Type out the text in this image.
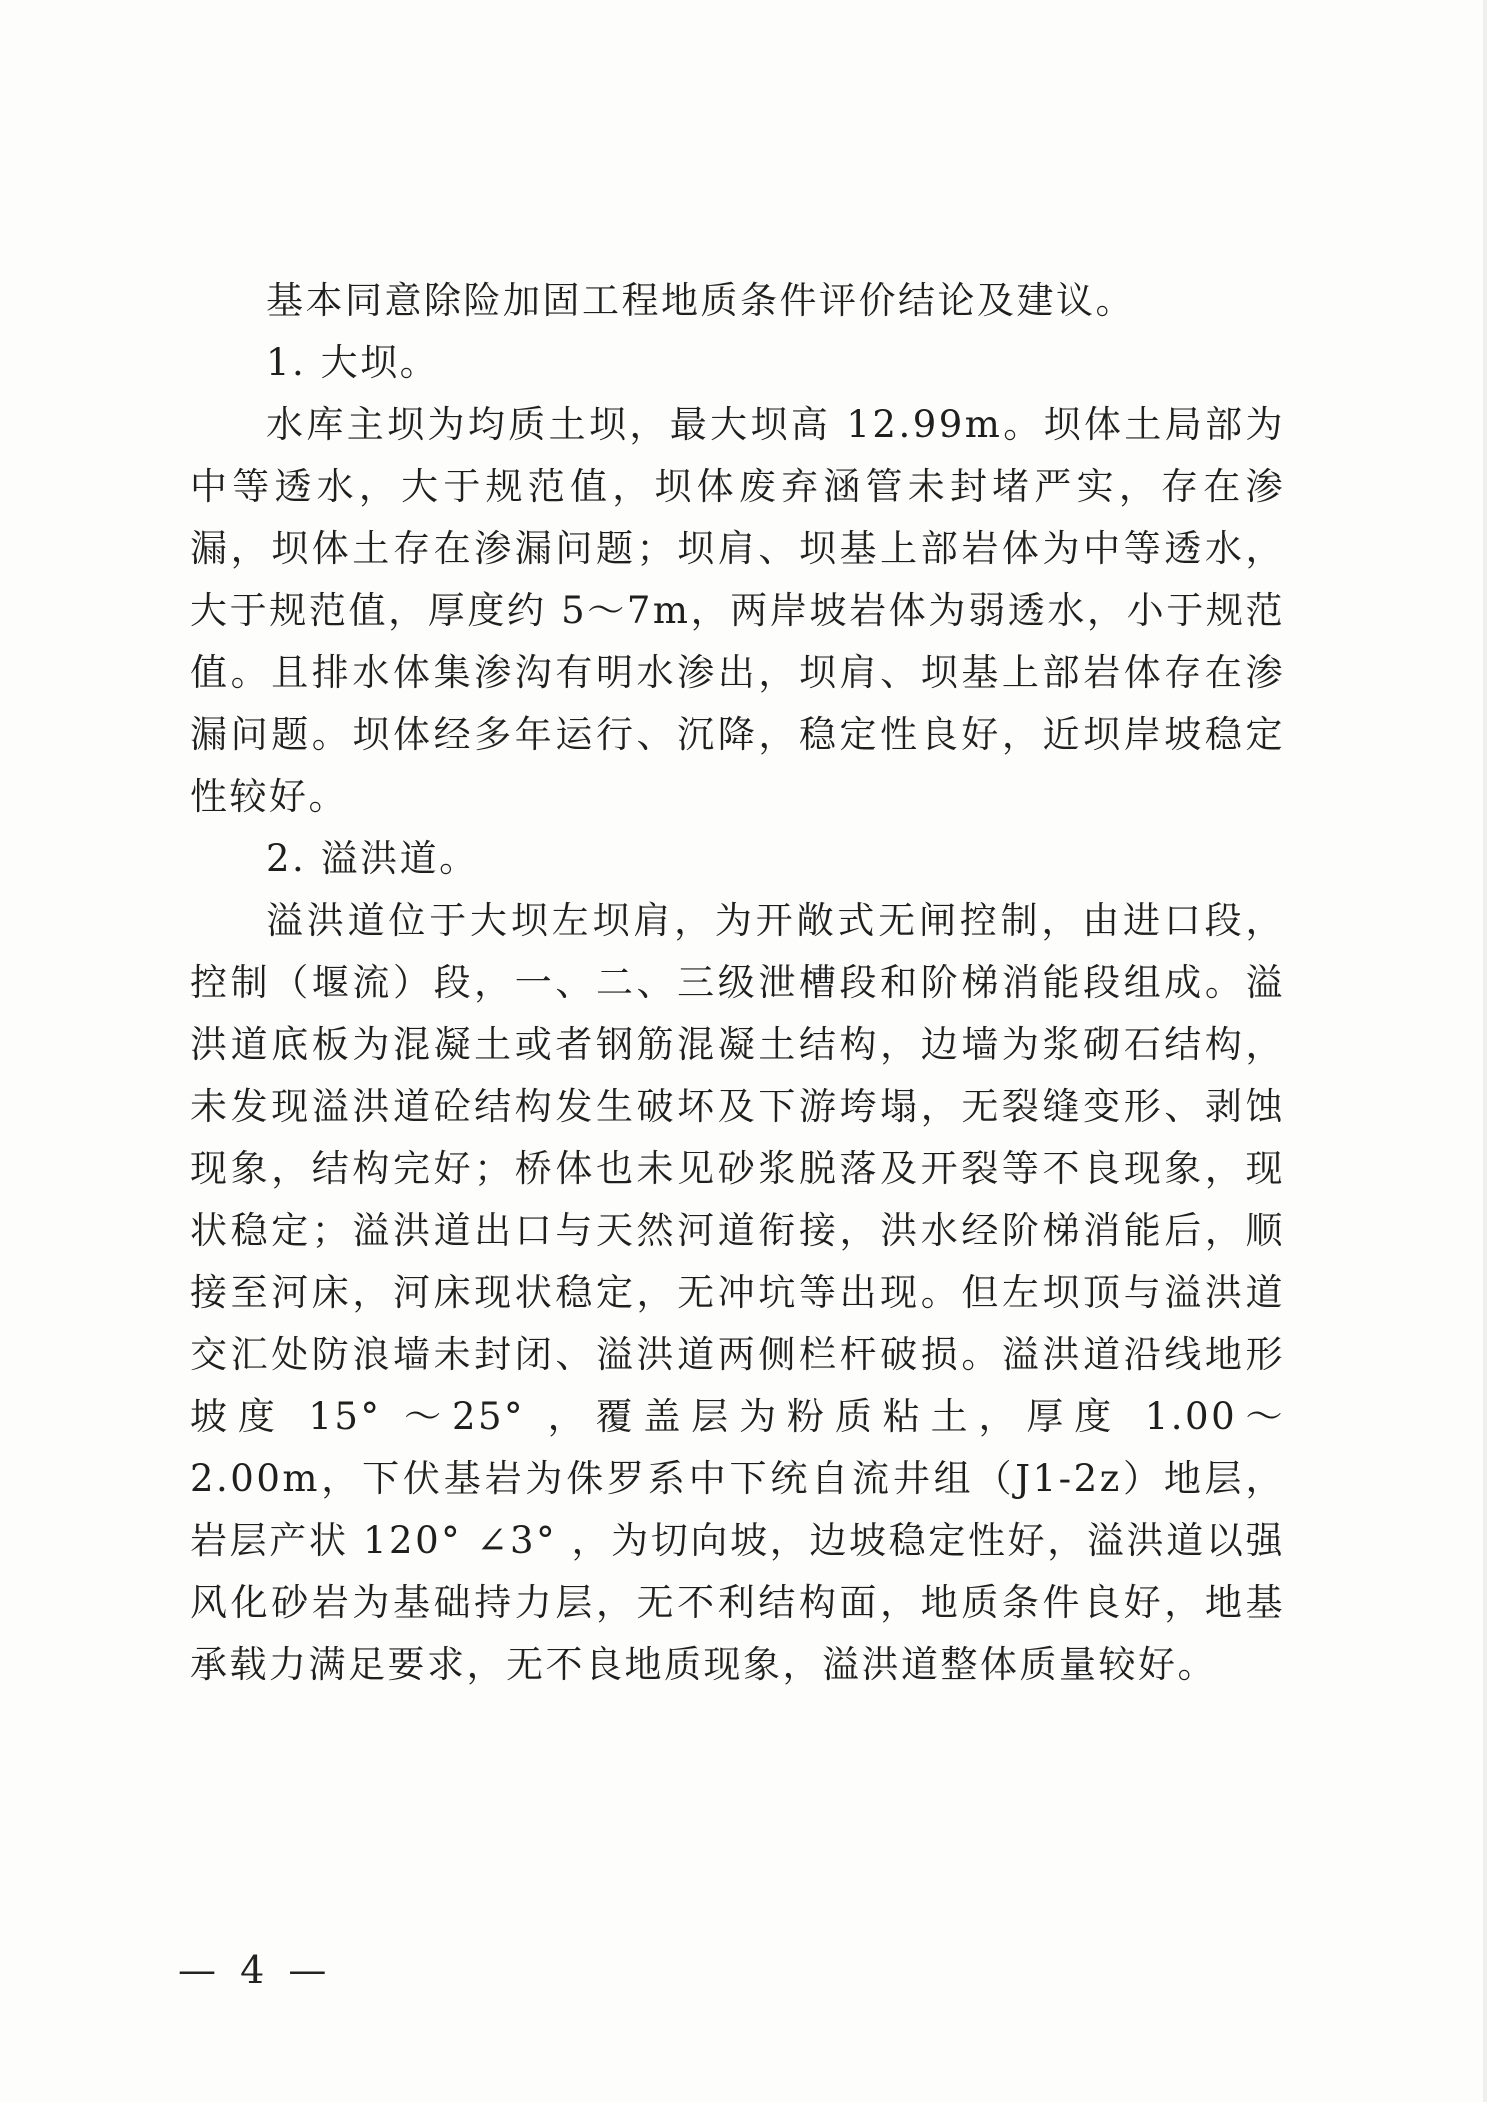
基本同意除险加固工程地质条件评价结论及建议。

1. 大坝。

水库主坝为均质土坝，最大坝高 12.99m。坝体土局部为中等透水，大于规范值，坝体废弃涵管未封堵严实，存在渗漏，坝体土存在渗漏问题；坝肩、坝基上部岩体为中等透水，大于规范值，厚度约 5～7m，两岸坡岩体为弱透水，小于规范值。且排水体集渗沟有明水渗出，坝肩、坝基上部岩体存在渗漏问题。坝体经多年运行、沉降，稳定性良好，近坝岸坡稳定性较好。

2. 溢洪道。

溢洪道位于大坝左坝肩，为开敞式无闸控制，由进口段，控制（堰流）段，一、二、三级泄槽段和阶梯消能段组成。溢洪道底板为混凝土或者钢筋混凝土结构，边墙为浆砌石结构，未发现溢洪道砼结构发生破坏及下游垮塌，无裂缝变形、剥蚀现象，结构完好；桥体也未见砂浆脱落及开裂等不良现象，现状稳定；溢洪道出口与天然河道衔接，洪水经阶梯消能后，顺接至河床，河床现状稳定，无冲坑等出现。但左坝顶与溢洪道交汇处防浪墙未封闭、溢洪道两侧栏杆破损。溢洪道沿线地形坡度 15° ～25° ，覆盖层为粉质粘土，厚度 1.00～2.00m，下伏基岩为侏罗系中下统自流井组（J1-2z）地层，岩层产状 120° ∠3° ，为切向坡，边坡稳定性好，溢洪道以强风化砂岩为基础持力层，无不利结构面，地质条件良好，地基承载力满足要求，无不良地质现象，溢洪道整体质量较好。

— 4 —
